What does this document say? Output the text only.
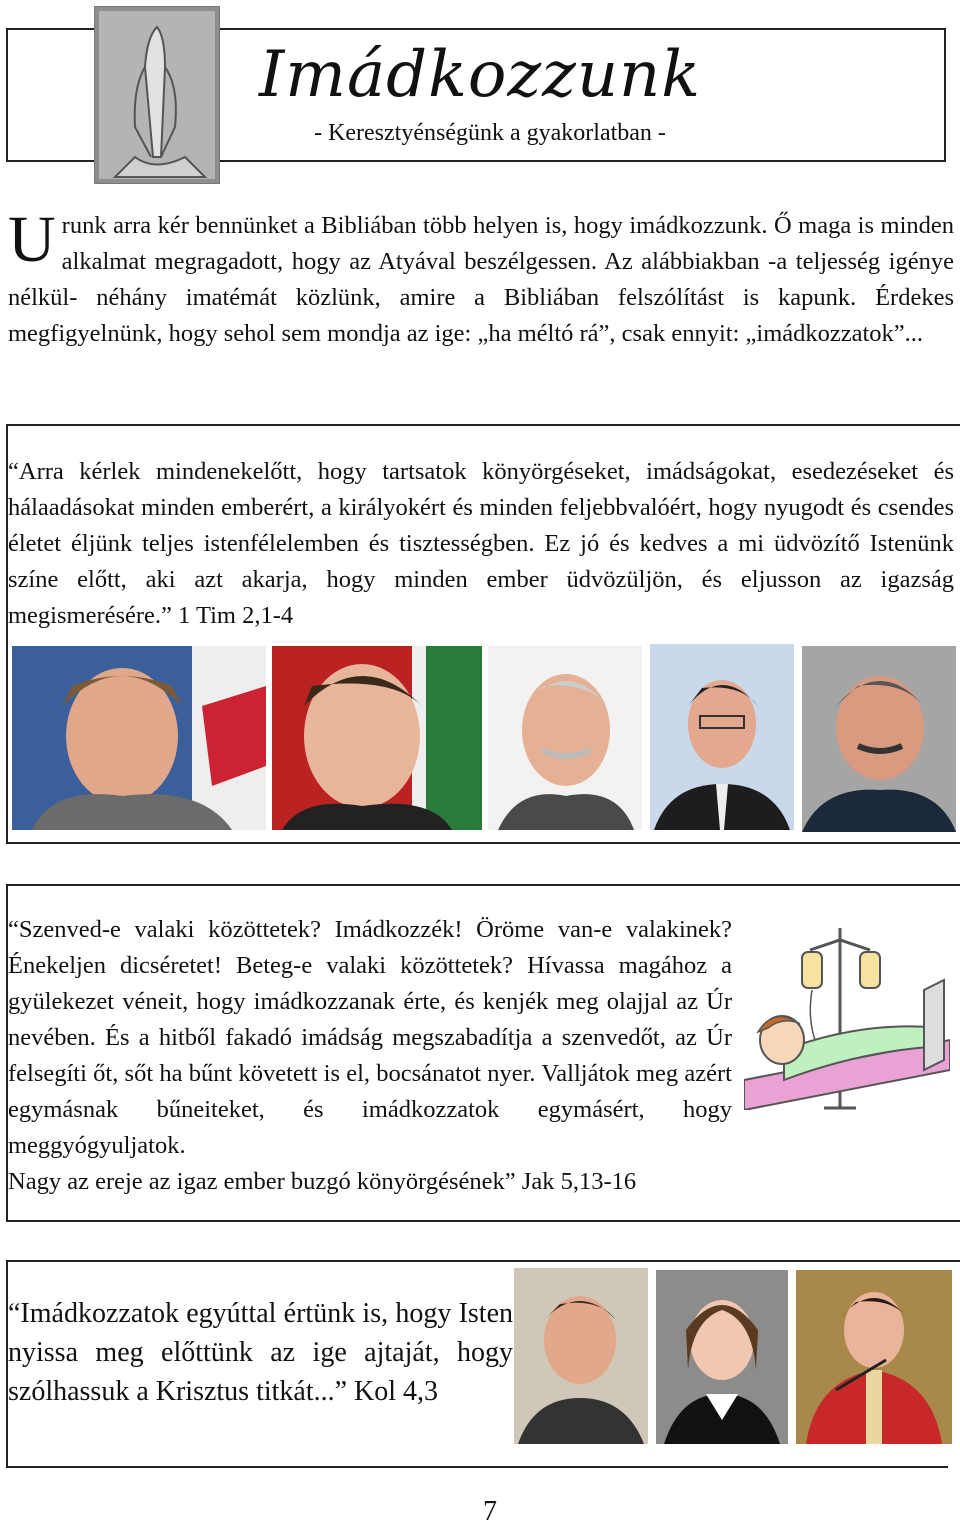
Imádkozzunk
- Keresztyénségünk a gyakorlatban -
U runk arra kér bennünket a Bibliában több helyen is, hogy imádkozzunk. Ő maga is minden alkalmat megragadott, hogy az Atyával beszélgessen. Az alábbiakban -a teljesség igénye nélkül- néhány imatémát közlünk, amire a Bibliában felszólítást is kapunk. Érdekes megfigyelnünk, hogy sehol sem mondja az ige: „ha méltó rá”, csak ennyit: „imádkozzatok”...
“Arra kérlek mindenekelőtt, hogy tartsatok könyörgéseket, imádságokat, esedezéseket és hálaadásokat minden emberért, a királyokért és minden feljebbvalóért, hogy nyugodt és csendes életet éljünk teljes istenfélelemben és tisztességben. Ez jó és kedves a mi üdvözítő Istenünk színe előtt, aki azt akarja, hogy minden ember üdvözüljön, és eljusson az igazság megismerésére.” 1 Tim 2,1-4
“Szenved-e valaki közöttetek? Imádkozzék! Öröme van-e valakinek? Énekeljen dicséretet! Beteg-e valaki közöttetek? Hívassa magához a gyülekezet véneit, hogy imádkozzanak érte, és kenjék meg olajjal az Úr nevében. És a hitből fakadó imádság megszabadítja a szenvedőt, az Úr felsegíti őt, sőt ha bűnt követett is el, bocsánatot nyer. Valljátok meg azért egymásnak bűneiteket, és imádkozzatok egymásért, hogy meggyógyuljatok.
Nagy az ereje az igaz ember buzgó könyörgésének” Jak 5,13-16
“Imádkozzatok egyúttal értünk is, hogy Isten nyissa meg előttünk az ige ajtaját, hogy szólhassuk a Krisztus titkát...” Kol 4,3
7
